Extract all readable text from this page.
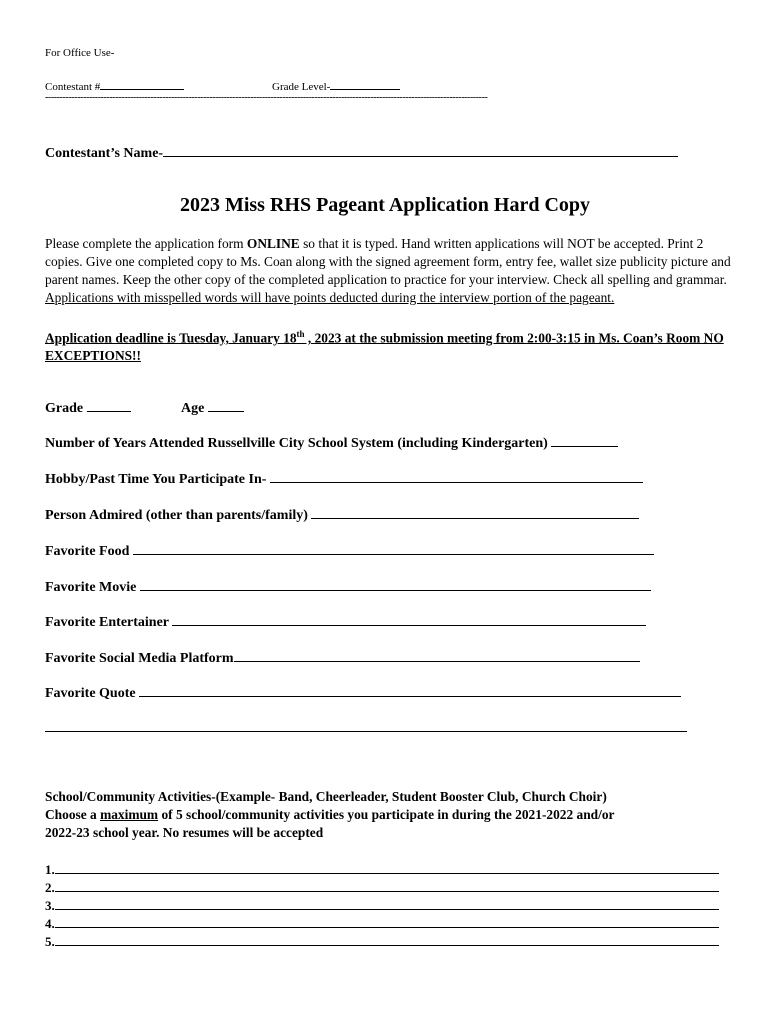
For Office Use-
Contestant #	Grade Level-
-------------------------------------------------------------------------------------------------------------------------------------------------------
Contestant’s Name-
2023 Miss RHS Pageant Application Hard Copy
Please complete the application form ONLINE so that it is typed. Hand written applications will NOT be accepted. Print 2 copies. Give one completed copy to Ms. Coan along with the signed agreement form, entry fee, wallet size publicity picture and parent names. Keep the other copy of the completed application to practice for your interview. Check all spelling and grammar. Applications with misspelled words will have points deducted during the interview portion of the pageant.
Application deadline is Tuesday, January 18th , 2023 at the submission meeting from 2:00-3:15 in Ms. Coan’s Room NO EXCEPTIONS!!
Grade	Age
Number of Years Attended Russellville City School System (including Kindergarten)
Hobby/Past Time You Participate In-
Person Admired (other than parents/family)
Favorite Food
Favorite Movie
Favorite Entertainer
Favorite Social Media Platform
Favorite Quote
School/Community Activities-(Example- Band, Cheerleader, Student Booster Club, Church Choir)
Choose a maximum of 5 school/community activities you participate in during the 2021-2022 and/or
2022-23 school year. No resumes will be accepted
1.
2.
3.
4.
5.
